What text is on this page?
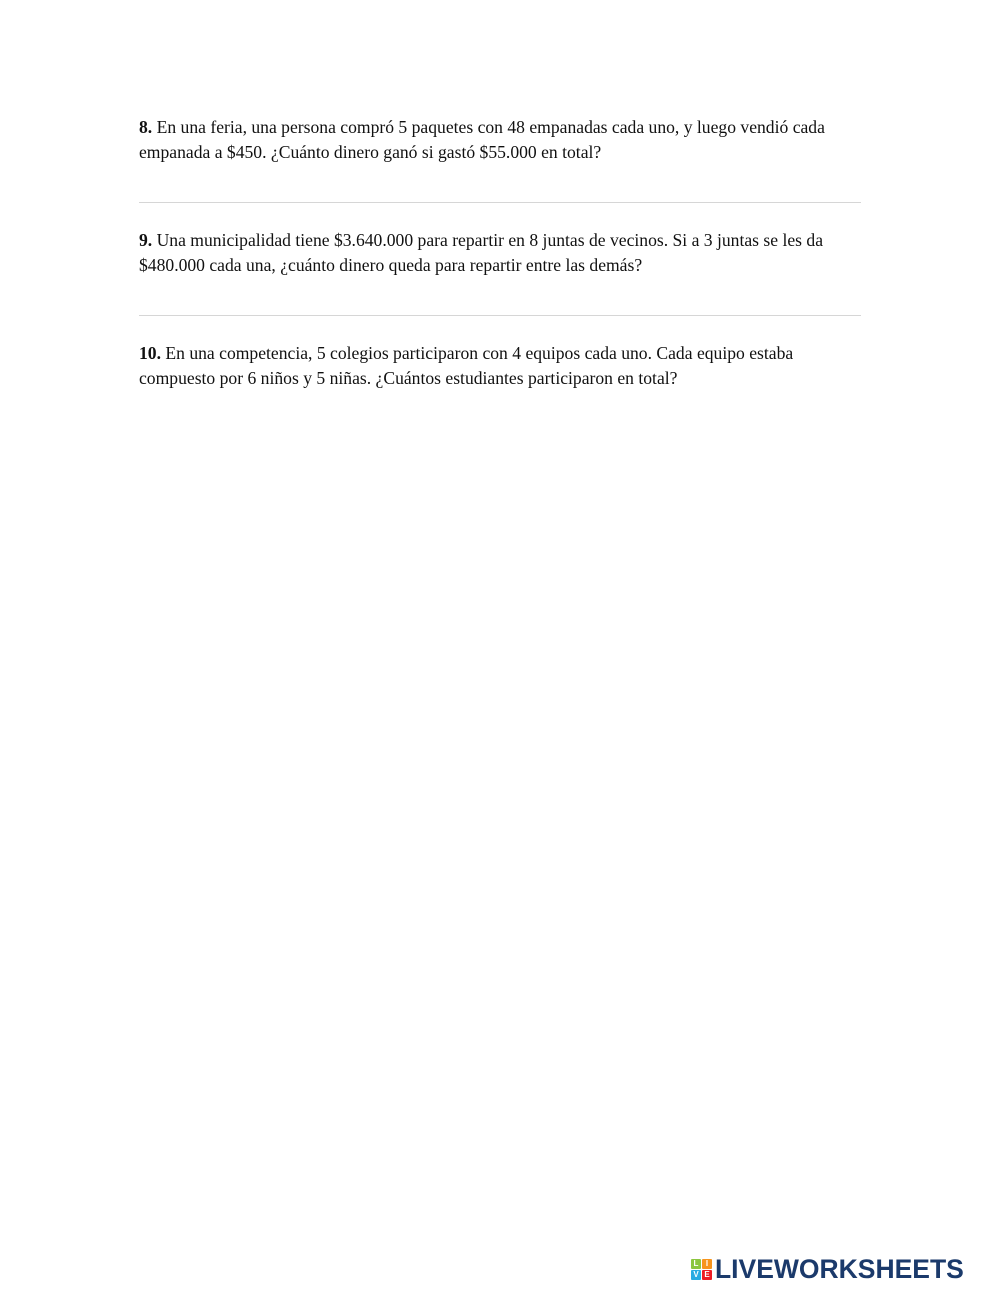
8. En una feria, una persona compró 5 paquetes con 48 empanadas cada uno, y luego vendió cada empanada a $450. ¿Cuánto dinero ganó si gastó $55.000 en total?

9. Una municipalidad tiene $3.640.000 para repartir en 8 juntas de vecinos. Si a 3 juntas se les da $480.000 cada una, ¿cuánto dinero queda para repartir entre las demás?

10. En una competencia, 5 colegios participaron con 4 equipos cada uno. Cada equipo estaba compuesto por 6 niños y 5 niñas. ¿Cuántos estudiantes participaron en total?

L I
V E LIVEWORKSHEETS
